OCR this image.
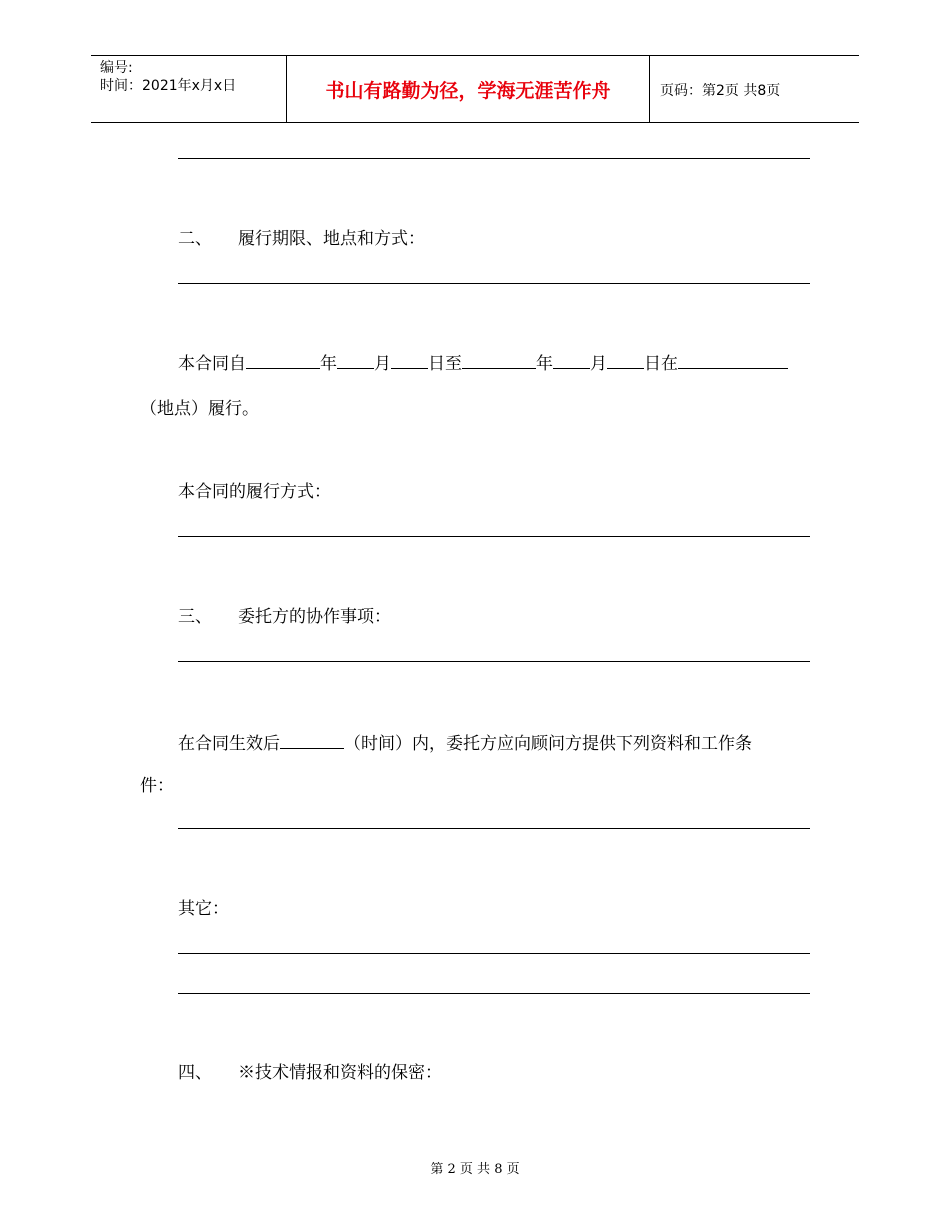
编号:
时间：2021年x月x日	书山有路勤为径，学海无涯苦作舟	页码：第2页 共8页
二、 履行期限、地点和方式：
本合同自	年 月 日至	年 月 日在
（地点）履行。
本合同的履行方式：
三、 委托方的协作事项：
在合同生效后	（时间）内，委托方应向顾问方提供下列资料和工作条
件：
其它：
四、 ※技术情报和资料的保密：
第 2 页 共 8 页
